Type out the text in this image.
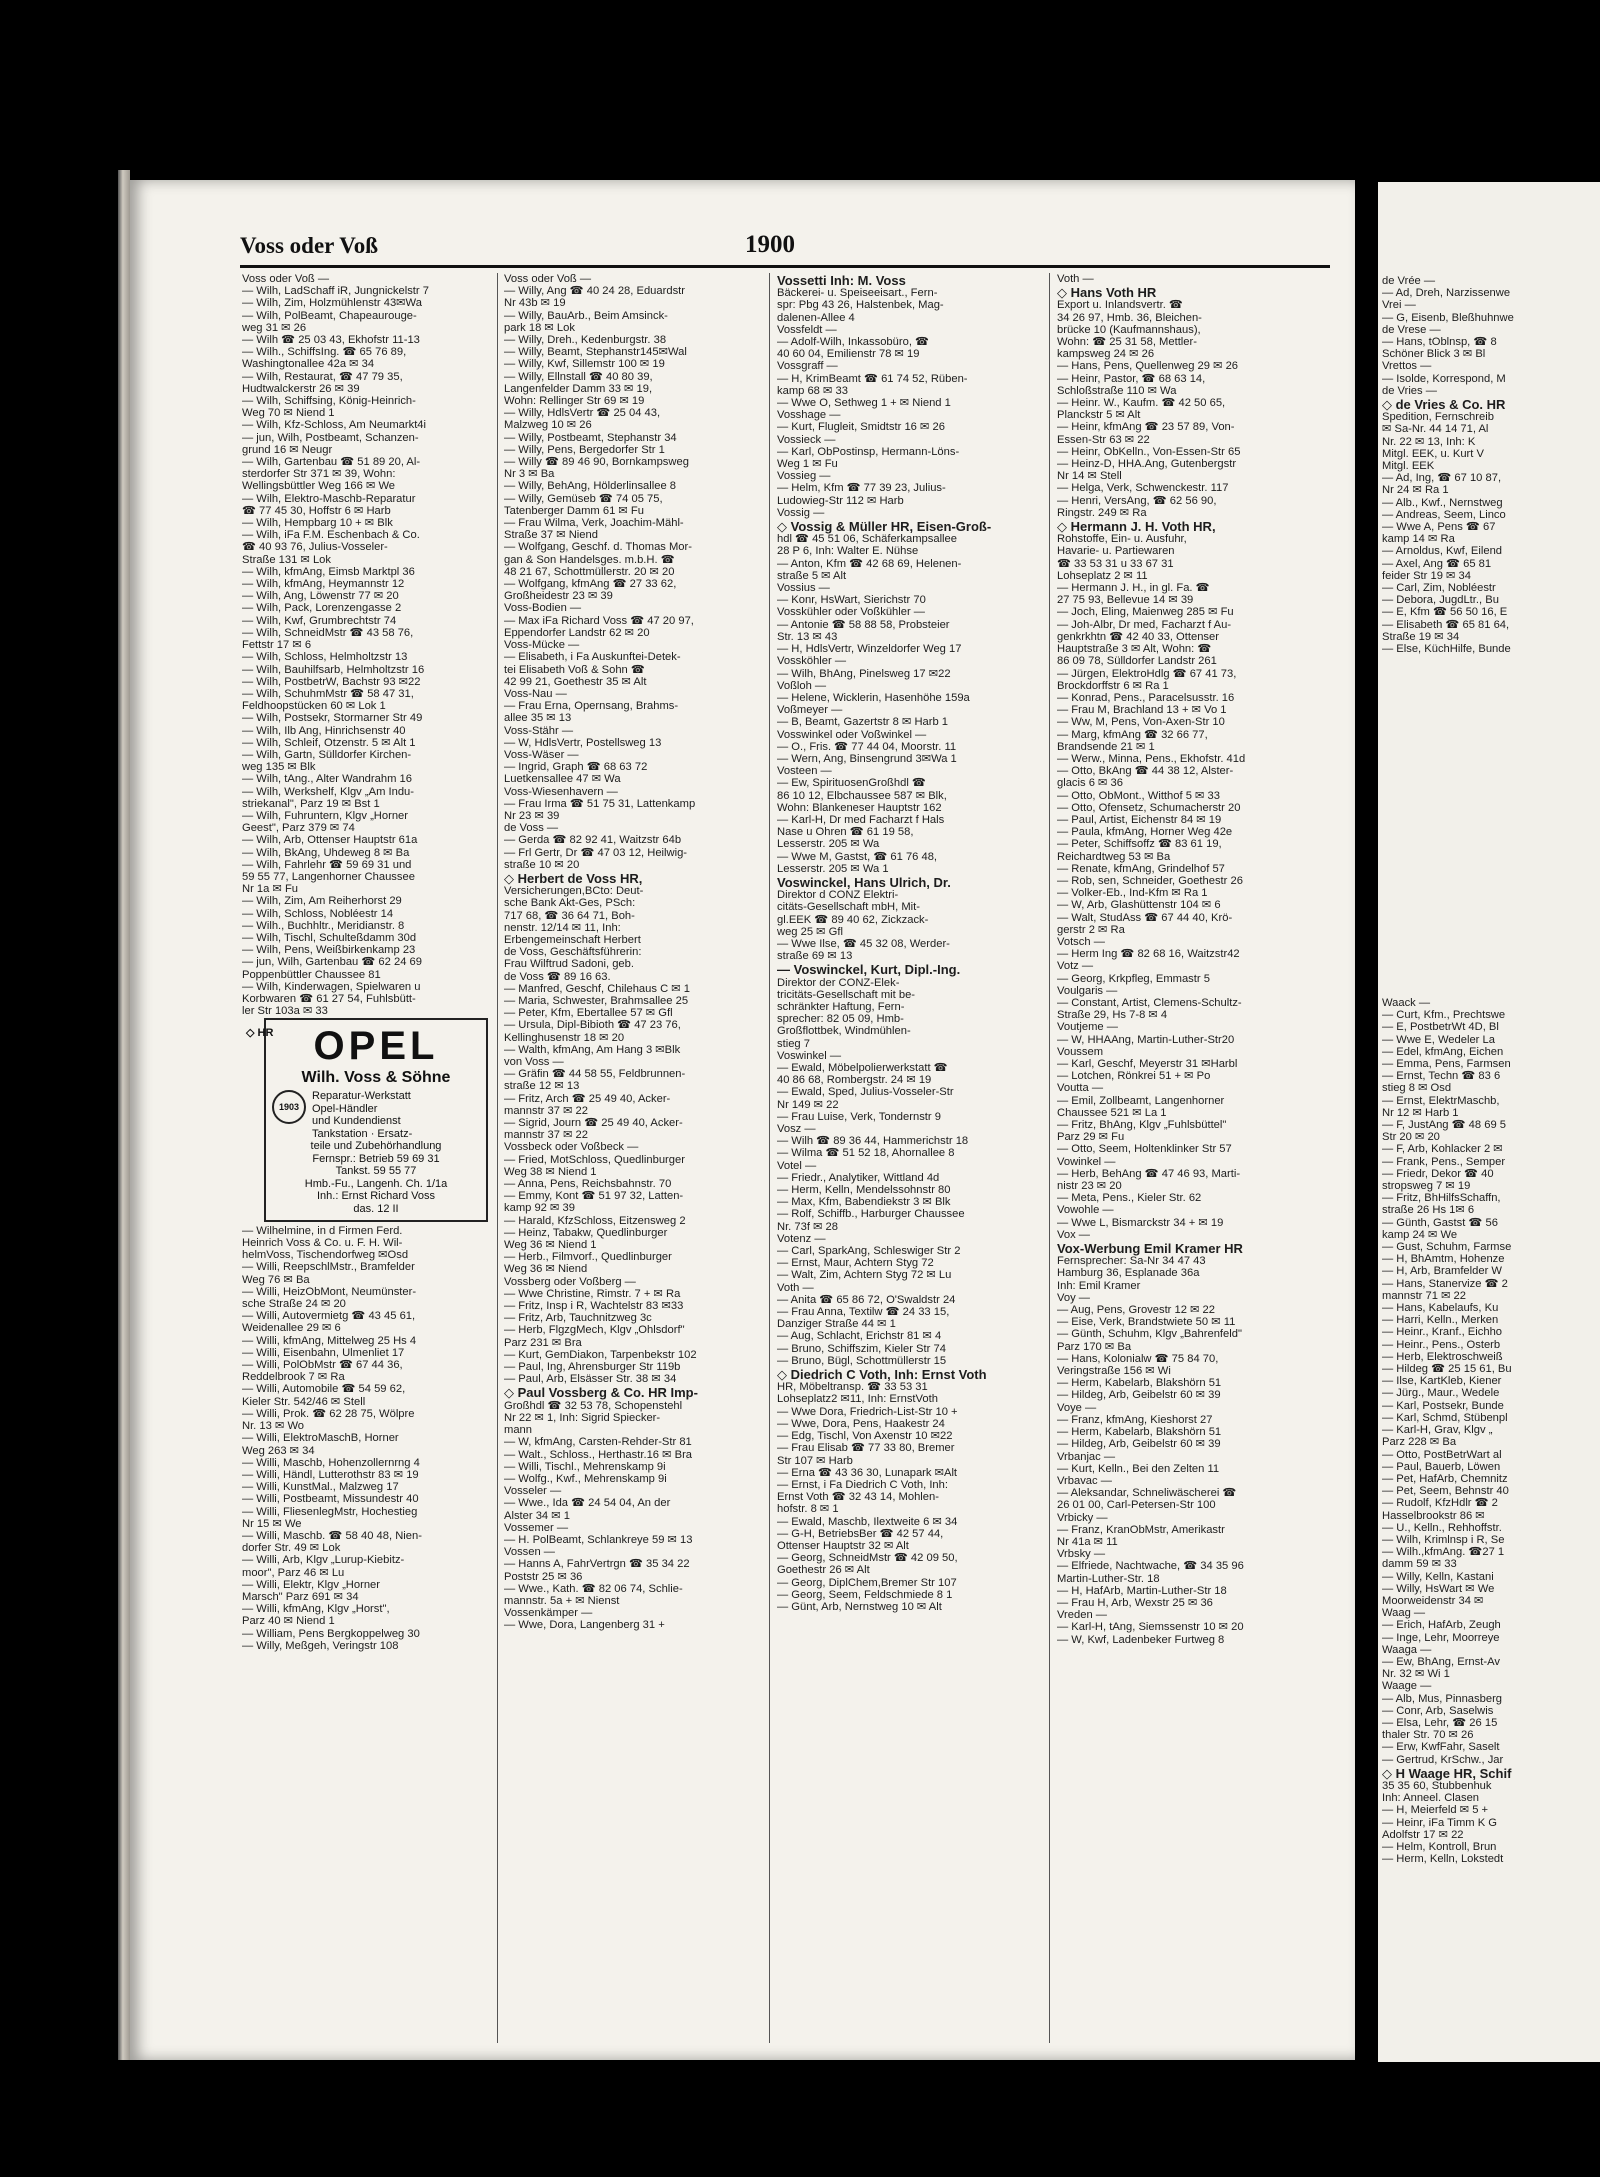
Voss oder Voß	1900
Voss oder Voß —
— Wilh, LadSchaff iR, Jungnickelstr 7
— Wilh, Zim, Holzmühlenstr 43✉Wa
— Wilh, PolBeamt, Chapeaurouge-
weg 31 ✉ 26
— Wilh ☎ 25 03 43, Ekhofstr 11-13
— Wilh., SchiffsIng. ☎ 65 76 89,
Washingtonallee 42a ✉ 34
— Wilh, Restaurat, ☎ 47 79 35,
Hudtwalckerstr 26 ✉ 39
— Wilh, Schiffsing, König-Heinrich-
Weg 70 ✉ Niend 1
— Wilh, Kfz-Schloss, Am Neumarkt4i
— jun, Wilh, Postbeamt, Schanzen-
grund 16 ✉ Neugr
— Wilh, Gartenbau ☎ 51 89 20, Al-
sterdorfer Str 371 ✉ 39, Wohn:
Wellingsbüttler Weg 166 ✉ We
— Wilh, Elektro-Maschb-Reparatur
☎ 77 45 30, Hoffstr 6 ✉ Harb
— Wilh, Hempbarg 10 + ✉ Blk
— Wilh, iFa F.M. Eschenbach & Co.
☎ 40 93 76, Julius-Vosseler-
Straße 131 ✉ Lok
— Wilh, kfmAng, Eimsb Marktpl 36
— Wilh, kfmAng, Heymannstr 12
— Wilh, Ang, Löwenstr 77 ✉ 20
— Wilh, Pack, Lorenzengasse 2
— Wilh, Kwf, Grumbrechtstr 74
— Wilh, SchneidMstr ☎ 43 58 76,
Fettstr 17 ✉ 6
— Wilh, Schloss, Helmholtzstr 13
— Wilh, Bauhilfsarb, Helmholtzstr 16
— Wilh, PostbetrW, Bachstr 93 ✉22
— Wilh, SchuhmMstr ☎ 58 47 31,
Feldhoopstücken 60 ✉ Lok 1
— Wilh, Postsekr, Stormarner Str 49
— Wilh, Ilb Ang, Hinrichsenstr 40
— Wilh, Schleif, Otzenstr. 5 ✉ Alt 1
— Wilh, Gartn, Sülldorfer Kirchen-
weg 135 ✉ Blk
— Wilh, tAng., Alter Wandrahm 16
— Wilh, Werkshelf, Klgv „Am Indu-
striekanal", Parz 19 ✉ Bst 1
— Wilh, Fuhruntern, Klgv „Horner
Geest", Parz 379 ✉ 74
— Wilh, Arb, Ottenser Hauptstr 61a
— Wilh, BkAng, Uhdeweg 8 ✉ Ba
— Wilh, Fahrlehr ☎ 59 69 31 und
59 55 77, Langenhorner Chaussee
Nr 1a ✉ Fu
— Wilh, Zim, Am Reiherhorst 29
— Wilh, Schloss, Nobléestr 14
— Wilh., Buchhltr., Meridianstr. 8
— Wilh, Tischl, Schulteßdamm 30d
— Wilh, Pens, Weißbirkenkamp 23
— jun, Wilh, Gartenbau ☎ 62 24 69
Poppenbüttler Chaussee 81
— Wilh, Kinderwagen, Spielwaren u
Korbwaren ☎ 61 27 54, Fuhlsbütt-
ler Str 103a ✉ 33

— Wilhelmine, in d Firmen Ferd.
Heinrich Voss & Co. u. F. H. Wil-
helmVoss, Tischendorfweg ✉Osd
— Willi, ReepschlMstr., Bramfelder
Weg 76 ✉ Ba
— Willi, HeizObMont, Neumünster-
sche Straße 24 ✉ 20
— Willi, Autovermietg ☎ 43 45 61,
Weidenallee 29 ✉ 6
— Willi, kfmAng, Mittelweg 25 Hs 4
— Willi, Eisenbahn, Ulmenliet 17
— Willi, PolObMstr ☎ 67 44 36,
Reddelbrook 7 ✉ Ra
— Willi, Automobile ☎ 54 59 62,
Kieler Str. 542/46 ✉ Stell
— Willi, Prok. ☎ 62 28 75, Wölpre
Nr. 13 ✉ Wo
— Willi, ElektroMaschB, Horner
Weg 263 ✉ 34
— Willi, Maschb, Hohenzollernrng 4
— Willi, Händl, Lutterothstr 83 ✉ 19
— Willi, KunstMal., Malzweg 17
— Willi, Postbeamt, Missundestr 40
— Willi, FliesenlegMstr, Hochestieg
Nr 15 ✉ We
— Willi, Maschb. ☎ 58 40 48, Nien-
dorfer Str. 49 ✉ Lok
— Willi, Arb, Klgv „Lurup-Kiebitz-
moor", Parz 46 ✉ Lu
— Willi, Elektr, Klgv „Horner
Marsch" Parz 691 ✉ 34
— Willi, kfmAng, Klgv „Horst",
Parz 40 ✉ Niend 1
— William, Pens Bergkoppelweg 30
— Willy, Meßgeh, Veringstr 108
Voss oder Voß —
— Willy, Ang ☎ 40 24 28, Eduardstr
Nr 43b ✉ 19
— Willy, BauArb., Beim Amsinck-
park 18 ✉ Lok
— Willy, Dreh., Kedenburgstr. 38
— Willy, Beamt, Stephanstr145✉Wal
— Willy, Kwf, Sillemstr 100 ✉ 19
— Willy, Ellnstall ☎ 40 80 39,
Langenfelder Damm 33 ✉ 19,
Wohn: Rellinger Str 69 ✉ 19
— Willy, HdlsVertr ☎ 25 04 43,
Malzweg 10 ✉ 26
— Willy, Postbeamt, Stephanstr 34
— Willy, Pens, Bergedorfer Str 1
— Willy ☎ 89 46 90, Bornkampsweg
Nr 3 ✉ Ba
— Willy, BehAng, Hölderlinsallee 8
— Willy, Gemüseb ☎ 74 05 75,
Tatenberger Damm 61 ✉ Fu
— Frau Wilma, Verk, Joachim-Mähl-
Straße 37 ✉ Niend
— Wolfgang, Geschf. d. Thomas Mor-
gan & Son Handelsges. m.b.H. ☎
48 21 67, Schottmüllerstr. 20 ✉ 20
— Wolfgang, kfmAng ☎ 27 33 62,
Großheidestr 23 ✉ 39
Voss-Bodien —
— Max iFa Richard Voss ☎ 47 20 97,
Eppendorfer Landstr 62 ✉ 20
Voss-Mücke —
— Elisabeth, i Fa Auskunftei-Detek-
tei Elisabeth Voß & Sohn ☎
42 99 21, Goethestr 35 ✉ Alt
Voss-Nau —
— Frau Erna, Opernsang, Brahms-
allee 35 ✉ 13
Voss-Stähr —
— W, HdlsVertr, Postellsweg 13
Voss-Wäser —
— Ingrid, Graph ☎ 68 63 72
Luetkensallee 47 ✉ Wa
Voss-Wiesenhavern —
— Frau Irma ☎ 51 75 31, Lattenkamp
Nr 23 ✉ 39
de Voss —
— Gerda ☎ 82 92 41, Waitzstr 64b
— Frl Gertr, Dr ☎ 47 03 12, Heilwig-
straße 10 ✉ 20
◇ Herbert de Voss HR,
Versicherungen,BCto: Deut-
sche Bank Akt-Ges, PSch:
717 68, ☎ 36 64 71, Boh-
nenstr. 12/14 ✉ 11, Inh:
Erbengemeinschaft Herbert
de Voss, Geschäftsführerin:
Frau Wilftrud Sadoni, geb.
de Voss ☎ 89 16 63.
— Manfred, Geschf, Chilehaus C ✉ 1
— Maria, Schwester, Brahmsallee 25
— Peter, Kfm, Ebertallee 57 ✉ Gfl
— Ursula, Dipl-Bibioth ☎ 47 23 76,
Kellinghusenstr 18 ✉ 20
— Walth, kfmAng, Am Hang 3 ✉Blk
von Voss —
— Gräfin ☎ 44 58 55, Feldbrunnen-
straße 12 ✉ 13
— Fritz, Arch ☎ 25 49 40, Acker-
mannstr 37 ✉ 22
— Sigrid, Journ ☎ 25 49 40, Acker-
mannstr 37 ✉ 22
Vossbeck oder Voßbeck —
— Fried, MotSchloss, Quedlinburger
Weg 38 ✉ Niend 1
— Anna, Pens, Reichsbahnstr. 70
— Emmy, Kont ☎ 51 97 32, Latten-
kamp 92 ✉ 39
— Harald, KfzSchloss, Eitzensweg 2
— Heinz, Tabakw, Quedlinburger
Weg 36 ✉ Niend 1
— Herb., Filmvorf., Quedlinburger
Weg 36 ✉ Niend
Vossberg oder Voßberg —
— Wwe Christine, Rimstr. 7 + ✉ Ra
— Fritz, Insp i R, Wachtelstr 83 ✉33
— Fritz, Arb, Tauchnitzweg 3c
— Herb, FlgzgMech, Klgv „Ohlsdorf"
Parz 231 ✉ Bra
— Kurt, GemDiakon, Tarpenbekstr 102
— Paul, Ing, Ahrensburger Str 119b
— Paul, Arb, Elsässer Str. 38 ✉ 34
◇ Paul Vossberg & Co. HR Imp-
Großhdl ☎ 32 53 78, Schopenstehl
Nr 22 ✉ 1, Inh: Sigrid Spiecker-
mann
— W, kfmAng, Carsten-Rehder-Str 81
— Walt., Schloss., Herthastr.16 ✉ Bra
— Willi, Tischl., Mehrenskamp 9i
— Wolfg., Kwf., Mehrenskamp 9i
Vosseler —
— Wwe., Ida ☎ 24 54 04, An der
Alster 34 ✉ 1
Vossemer —
— H. PolBeamt, Schlankreye 59 ✉ 13
Vossen —
— Hanns A, FahrVertrgn ☎ 35 34 22
Poststr 25 ✉ 36
— Wwe., Kath. ☎ 82 06 74, Schlie-
mannstr. 5a + ✉ Nienst
Vossenkämper —
— Wwe, Dora, Langenberg 31 +
Vossetti Inh: M. Voss
Bäckerei- u. Speiseeisart., Fern-
spr: Pbg 43 26, Halstenbek, Mag-
dalenen-Allee 4
Vossfeldt —
— Adolf-Wilh, Inkassobüro, ☎
40 60 04, Emilienstr 78 ✉ 19
Vossgraff —
— H, KrimBeamt ☎ 61 74 52, Rüben-
kamp 68 ✉ 33
— Wwe O, Sethweg 1 + ✉ Niend 1
Vosshage —
— Kurt, Flugleit, Smidtstr 16 ✉ 26
Vossieck —
— Karl, ObPostinsp, Hermann-Löns-
Weg 1 ✉ Fu
Vossieg —
— Helm, Kfm ☎ 77 39 23, Julius-
Ludowieg-Str 112 ✉ Harb
Vossig —
◇ Vossig & Müller HR, Eisen-Groß-
hdl ☎ 45 51 06, Schäferkampsallee
28 P 6, Inh: Walter E. Nühse
— Anton, Kfm ☎ 42 68 69, Helenen-
straße 5 ✉ Alt
Vossius —
— Konr, HsWart, Sierichstr 70
Vosskühler oder Voßkühler —
— Antonie ☎ 58 88 58, Probsteier
Str. 13 ✉ 43
— H, HdlsVertr, Winzeldorfer Weg 17
Vossköhler —
— Wilh, BhAng, Pinelsweg 17 ✉22
Voßloh —
— Helene, Wicklerin, Hasenhöhe 159a
Voßmeyer —
— B, Beamt, Gazertstr 8 ✉ Harb 1
Vosswinkel oder Voßwinkel —
— O., Fris. ☎ 77 44 04, Moorstr. 11
— Wern, Ang, Binsengrund 3✉Wa 1
Vosteen —
— Ew, SpirituosenGroßhdl ☎
86 10 12, Elbchaussee 587 ✉ Blk,
Wohn: Blankeneser Hauptstr 162
— Karl-H, Dr med Facharzt f Hals
Nase u Ohren ☎ 61 19 58,
Lesserstr. 205 ✉ Wa
— Wwe M, Gastst, ☎ 61 76 48,
Lesserstr. 205 ✉ Wa 1
Voswinckel, Hans Ulrich, Dr.
Direktor d CONZ Elektri-
citäts-Gesellschaft mbH, Mit-
gl.EEK ☎ 89 40 62, Zickzack-
weg 25 ✉ Gfl
— Wwe Ilse, ☎ 45 32 08, Werder-
straße 69 ✉ 13
— Voswinckel, Kurt, Dipl.-Ing.
Direktor der CONZ-Elek-
tricitäts-Gesellschaft mit be-
schränkter Haftung, Fern-
sprecher: 82 05 09, Hmb-
Großflottbek, Windmühlen-
stieg 7
Voswinkel —
— Ewald, Möbelpolierwerkstatt ☎
40 86 68, Rombergstr. 24 ✉ 19
— Ewald, Sped, Julius-Vosseler-Str
Nr 149 ✉ 22
— Frau Luise, Verk, Tondernstr 9
Vosz —
— Wilh ☎ 89 36 44, Hammerichstr 18
— Wilma ☎ 51 52 18, Ahornallee 8
Votel —
— Friedr., Analytiker, Wittland 4d
— Herm, Kelln, Mendelssohnstr 80
— Max, Kfm, Babendiekstr 3 ✉ Blk
— Rolf, Schiffb., Harburger Chaussee
Nr. 73f ✉ 28
Votenz —
— Carl, SparkAng, Schleswiger Str 2
— Ernst, Maur, Achtern Styg 72
— Walt, Zim, Achtern Styg 72 ✉ Lu
Voth —
— Anita ☎ 65 86 72, O'Swaldstr 24
— Frau Anna, Textilw ☎ 24 33 15,
Danziger Straße 44 ✉ 1
— Aug, Schlacht, Erichstr 81 ✉ 4
— Bruno, Schiffszim, Kieler Str 74
— Bruno, Bügl, Schottmüllerstr 15
◇ Diedrich C Voth, Inh: Ernst Voth
HR, Möbeltransp. ☎ 33 53 31
Lohseplatz2 ✉11, Inh: ErnstVoth
— Wwe Dora, Friedrich-List-Str 10 +
— Wwe, Dora, Pens, Haakestr 24
— Edg, Tischl, Von Axenstr 10 ✉22
— Frau Elisab ☎ 77 33 80, Bremer
Str 107 ✉ Harb
— Erna ☎ 43 36 30, Lunapark ✉Alt
— Ernst, i Fa Diedrich C Voth, Inh:
Ernst Voth ☎ 32 43 14, Mohlen-
hofstr. 8 ✉ 1
— Ewald, Maschb, Ilextweite 6 ✉ 34
— G-H, BetriebsBer ☎ 42 57 44,
Ottenser Hauptstr 32 ✉ Alt
— Georg, SchneidMstr ☎ 42 09 50,
Goethestr 26 ✉ Alt
— Georg, DiplChem,Bremer Str 107
— Georg, Seem, Feldschmiede 8 1
— Günt, Arb, Nernstweg 10 ✉ Alt
Voth —
◇ Hans Voth HR
Export u. Inlandsvertr. ☎
34 26 97, Hmb. 36, Bleichen-
brücke 10 (Kaufmannshaus),
Wohn: ☎ 25 31 58, Mettler-
kampsweg 24 ✉ 26
— Hans, Pens, Quellenweg 29 ✉ 26
— Heinr, Pastor, ☎ 68 63 14,
Schloßstraße 110 ✉ Wa
— Heinr. W., Kaufm. ☎ 42 50 65,
Planckstr 5 ✉ Alt
— Heinr, kfmAng ☎ 23 57 89, Von-
Essen-Str 63 ✉ 22
— Heinr, ObKelln., Von-Essen-Str 65
— Heinz-D, HHA.Ang, Gutenbergstr
Nr 14 ✉ Stell
— Helga, Verk, Schwenckestr. 117
— Henri, VersAng, ☎ 62 56 90,
Ringstr. 249 ✉ Ra
◇ Hermann J. H. Voth HR,
Rohstoffe, Ein- u. Ausfuhr,
Havarie- u. Partiewaren
☎ 33 53 31 u 33 67 31
Lohseplatz 2 ✉ 11
— Hermann J. H., in gl. Fa. ☎
27 75 93, Bellevue 14 ✉ 39
— Joch, Eling, Maienweg 285 ✉ Fu
— Joh-Albr, Dr med, Facharzt f Au-
genkrkhtn ☎ 42 40 33, Ottenser
Hauptstraße 3 ✉ Alt, Wohn: ☎
86 09 78, Sülldorfer Landstr 261
— Jürgen, ElektroHdlg ☎ 67 41 73,
Brockdorffstr 6 ✉ Ra 1
— Konrad, Pens., Paracelsusstr. 16
— Frau M, Brachland 13 + ✉ Vo 1
— Ww, M, Pens, Von-Axen-Str 10
— Marg, kfmAng ☎ 32 66 77,
Brandsende 21 ✉ 1
— Werw., Minna, Pens., Ekhofstr. 41d
— Otto, BkAng ☎ 44 38 12, Alster-
glacis 6 ✉ 36
— Otto, ObMont., Witthof 5 ✉ 33
— Otto, Ofensetz, Schumacherstr 20
— Paul, Artist, Eichenstr 84 ✉ 19
— Paula, kfmAng, Horner Weg 42e
— Peter, Schiffsoffz ☎ 83 61 19,
Reichardtweg 53 ✉ Ba
— Renate, kfmAng, Grindelhof 57
— Rob, sen, Schneider, Goethestr 26
— Volker-Eb., Ind-Kfm ✉ Ra 1
— W, Arb, Glashüttenstr 104 ✉ 6
— Walt, StudAss ☎ 67 44 40, Krö-
gerstr 2 ✉ Ra
Votsch —
— Herm Ing ☎ 82 68 16, Waitzstr42
Votz —
— Georg, Krkpfleg, Emmastr 5
Voulgaris —
— Constant, Artist, Clemens-Schultz-
Straße 29, Hs 7-8 ✉ 4
Voutjeme —
— W, HHAAng, Martin-Luther-Str20
Voussem
— Karl, Geschf, Meyerstr 31 ✉Harbl
— Lotchen, Rönkrei 51 + ✉ Po
Voutta —
— Emil, Zollbeamt, Langenhorner
Chaussee 521 ✉ La 1
— Fritz, BhAng, Klgv „Fuhlsbüttel"
Parz 29 ✉ Fu
— Otto, Seem, Holtenklinker Str 57
Vowinkel —
— Herb, BehAng ☎ 47 46 93, Marti-
nistr 23 ✉ 20
— Meta, Pens., Kieler Str. 62
Vowohle —
— Wwe L, Bismarckstr 34 + ✉ 19
Vox —
Vox-Werbung Emil Kramer HR
Fernsprecher: Sa-Nr 34 47 43
Hamburg 36, Esplanade 36a
Inh: Emil Kramer
Voy —
— Aug, Pens, Grovestr 12 ✉ 22
— Eise, Verk, Brandstwiete 50 ✉ 11
— Günth, Schuhm, Klgv „Bahrenfeld"
Parz 170 ✉ Ba
— Hans, Kolonialw ☎ 75 84 70,
Veringstraße 156 ✉ Wi
— Herm, Kabelarb, Blakshörn 51
— Hildeg, Arb, Geibelstr 60 ✉ 39
Voye —
— Franz, kfmAng, Kieshorst 27
— Herm, Kabelarb, Blakshörn 51
— Hildeg, Arb, Geibelstr 60 ✉ 39
Vrbanjac —
— Kurt, Kelln., Bei den Zelten 11
Vrbavac —
— Aleksandar, Schneliwäscherei ☎
26 01 00, Carl-Petersen-Str 100
Vrbicky —
— Franz, KranObMstr, Amerikastr
Nr 41a ✉ 11
Vrbsky —
— Elfriede, Nachtwache, ☎ 34 35 96
Martin-Luther-Str. 18
— H, HafArb, Martin-Luther-Str 18
— Frau H, Arb, Wexstr 25 ✉ 36
Vreden —
— Karl-H, tAng, Siemssenstr 10 ✉ 20
— W, Kwf, Ladenbeker Furtweg 8
◇ HR	OPEL
Wilh. Voss & Söhne
1903
Reparatur-Werkstatt
Opel-Händler
und Kundendienst
Tankstation · Ersatz-
teile und Zubehörhandlung
Fernspr.: Betrieb 59 69 31
Tankst. 59 55 77
Hmb.-Fu., Langenh. Ch. 1/1a
Inh.: Ernst Richard Voss
das. 12 II
de Vrée —
— Ad, Dreh, Narzissenwe
Vrei —
— G, Eisenb, Bleßhuhnwe
de Vrese —
— Hans, tOblnsp, ☎ 8
Schöner Blick 3 ✉ Bl
Vrettos —
— Isolde, Korrespond, M
de Vries —
◇ de Vries & Co. HR
Spedition, Fernschreib
✉ Sa-Nr. 44 14 71, Al
Nr. 22 ✉ 13, Inh: K
Mitgl. EEK, u. Kurt V
Mitgl. EEK
— Ad, Ing, ☎ 67 10 87,
Nr 24 ✉ Ra 1
— Alb., Kwf., Nernstweg
— Andreas, Seem, Linco
— Wwe A, Pens ☎ 67
kamp 14 ✉ Ra
— Arnoldus, Kwf, Eilend
— Axel, Ang ☎ 65 81
feider Str 19 ✉ 34
— Carl, Zim, Nobléestr
— Debora, JugdLtr., Bu
— E, Kfm ☎ 56 50 16, E
— Elisabeth ☎ 65 81 64,
Straße 19 ✉ 34
— Else, KüchHilfe, Bunde

Waack —
— Curt, Kfm., Prechtswe
— E, PostbetrWt 4D, Bl
— Wwe E, Wedeler La
— Edel, kfmAng, Eichen
— Emma, Pens, Farmsen
— Ernst, Techn ☎ 83 6
stieg 8 ✉ Osd
— Ernst, ElektrMaschb,
Nr 12 ✉ Harb 1
— F, JustAng ☎ 48 69 5
Str 20 ✉ 20
— F, Arb, Kohlacker 2 ✉
— Frank, Pens., Semper
— Friedr, Dekor ☎ 40
stropsweg 7 ✉ 19
— Fritz, BhHilfsSchaffn,
straße 26 Hs 1✉ 6
— Günth, Gastst ☎ 56
kamp 24 ✉ We
— Gust, Schuhm, Farmse
— H, BhAmtm, Hohenze
— H, Arb, Bramfelder W
— Hans, Stanervize ☎ 2
mannstr 71 ✉ 22
— Hans, Kabelaufs, Ku
— Harri, Kelln., Merken
— Heinr., Kranf., Eichho
— Heinr., Pens., Osterb
— Herb, Elektroschweiß
— Hildeg ☎ 25 15 61, Bu
— Ilse, KartKleb, Kiener
— Jürg., Maur., Wedele
— Karl, Postsekr, Bunde
— Karl, Schmd, Stübenpl
— Karl-H, Grav, Klgv „
Parz 228 ✉ Ba
— Otto, PostBetrWart al
— Paul, Bauerb, Löwen
— Pet, HafArb, Chemnitz
— Pet, Seem, Behnstr 40
— Rudolf, KfzHdlr ☎ 2
Hasselbrookstr 86 ✉
— U., Kelln., Rehhoffstr.
— Wilh, Krimlnsp i R, Se
— Wilh.,kfmAng. ☎27 1
damm 59 ✉ 33
— Willy, Kelln, Kastani
— Willy, HsWart ✉ We
Moorweidenstr 34 ✉
Waag —
— Erich, HafArb, Zeugh
— Inge, Lehr, Moorreye
Waaga —
— Ew, BhAng, Ernst-Av
Nr. 32 ✉ Wi 1
Waage —
— Alb, Mus, Pinnasberg
— Conr, Arb, Saselwis
— Elsa, Lehr, ☎ 26 15
thaler Str. 70 ✉ 26
— Erw, KwfFahr, Saselt
— Gertrud, KrSchw., Jar
◇ H Waage HR, Schif
35 35 60, Stubbenhuk
Inh: Anneel. Clasen
— H, Meierfeld ✉ 5 +
— Heinr, iFa Timm K G
Adolfstr 17 ✉ 22
— Helm, Kontroll, Brun
— Herm, Kelln, Lokstedt
